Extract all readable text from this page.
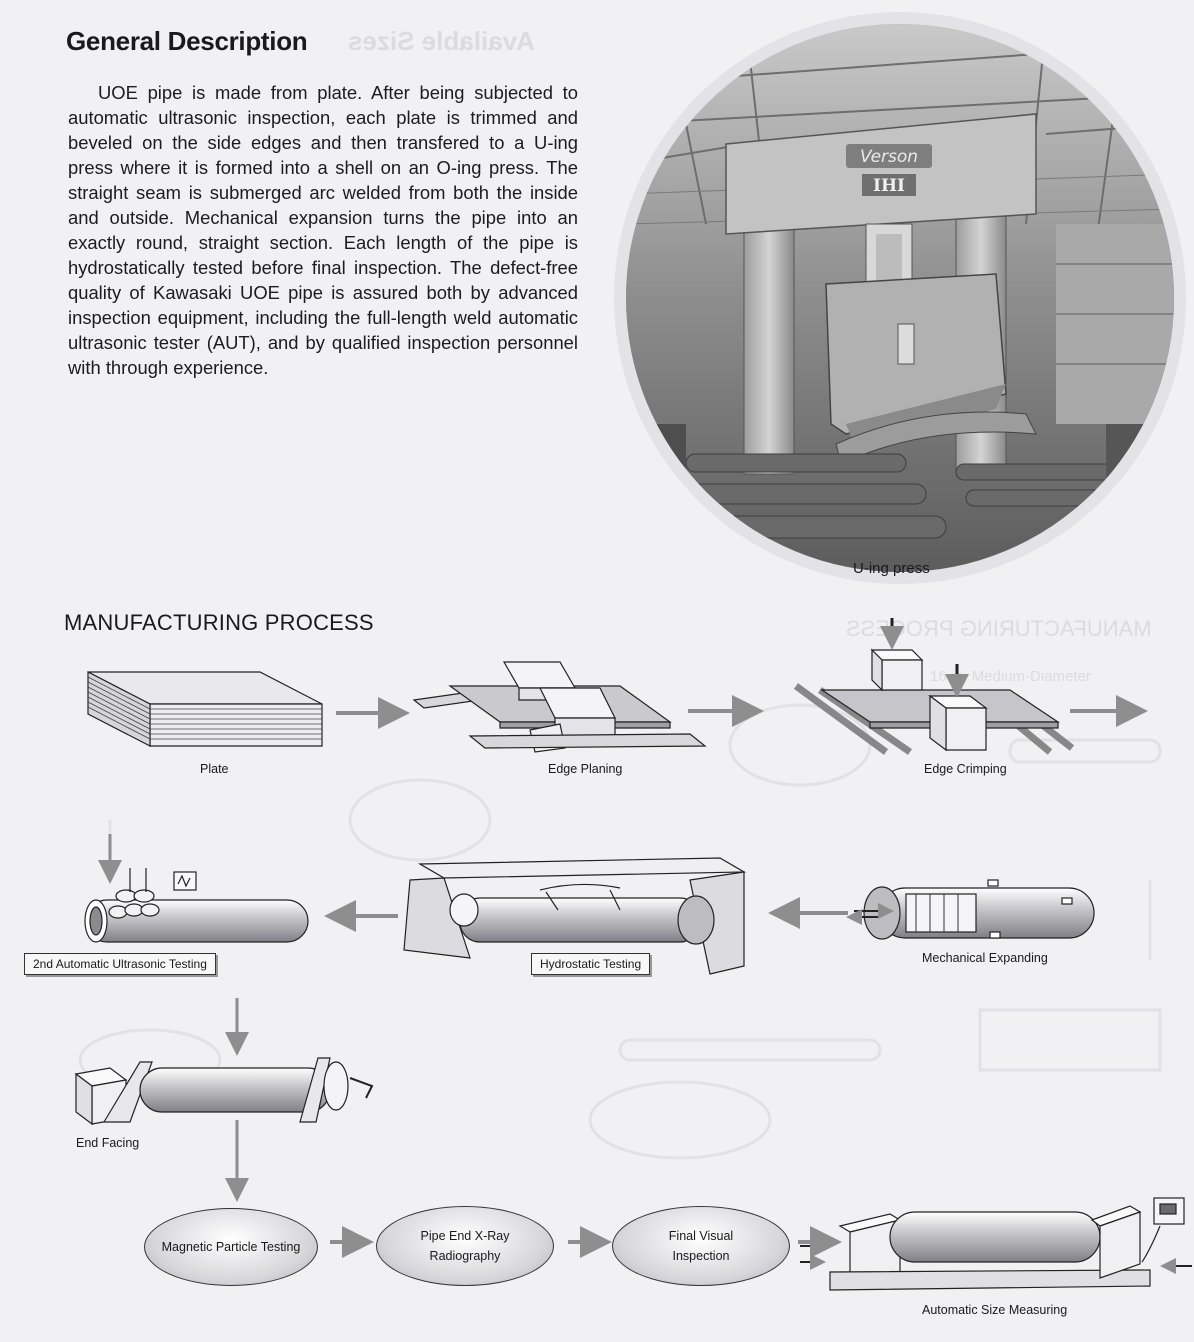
Available Sizes
MANUFACTURING PROCESS
16-in. Medium-Diameter
General Description
UOE pipe is made from plate. After being subjected to automatic ultrasonic inspection, each plate is trimmed and beveled on the side edges and then transfered to a U-ing press where it is formed into a shell on an O-ing press. The straight seam is submerged arc welded from both the inside and outside. Mechanical expansion turns the pipe into an exactly round, straight section. Each length of the pipe is hydrostatically tested before final inspection. The defect-free quality of Kawasaki UOE pipe is assured both by advanced inspection equipment, including the full-length weld automatic ultrasonic tester (AUT), and by qualified inspection personnel with through experience.
Verson
IHI
U-ing press
MANUFACTURING PROCESS
Plate	Edge Planing	Edge Crimping
Mechanical Expanding
Hydrostatic Testing
2nd Automatic Ultrasonic Testing
End Facing
Magnetic Particle Testing
Pipe End X-Ray
Radiography
Final Visual
Inspection
Automatic Size Measuring
